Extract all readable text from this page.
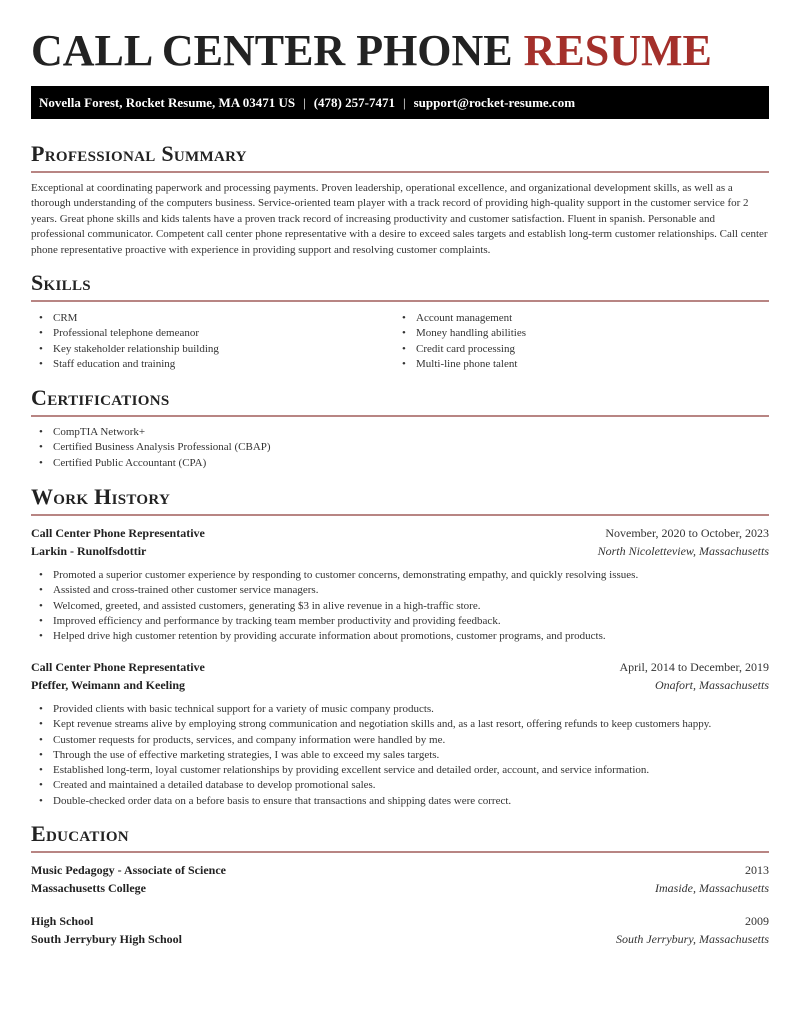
CALL CENTER PHONE RESUME
Novella Forest, Rocket Resume, MA 03471 US | (478) 257-7471 | support@rocket-resume.com
Professional Summary

Exceptional at coordinating paperwork and processing payments. Proven leadership, operational excellence, and organizational development skills, as well as a thorough understanding of the computers business. Service-oriented team player with a track record of providing high-quality support in the customer service for 2 years. Great phone skills and kids talents have a proven track record of increasing productivity and customer satisfaction. Fluent in spanish. Personable and professional communicator. Competent call center phone representative with a desire to exceed sales targets and establish long-term customer relationships. Call center phone representative proactive with experience in providing support and resolving customer complaints.

Skills
• CRM
• Professional telephone demeanor
• Key stakeholder relationship building
• Staff education and training
• Account management
• Money handling abilities
• Credit card processing
• Multi-line phone talent
Certifications
• CompTIA Network+
• Certified Business Analysis Professional (CBAP)
• Certified Public Accountant (CPA)
Work History
Call Center Phone Representative	November, 2020 to October, 2023
Larkin - Runolfsdottir	North Nicoletteview, Massachusetts
• Promoted a superior customer experience by responding to customer concerns, demonstrating empathy, and quickly resolving issues.
• Assisted and cross-trained other customer service managers.
• Welcomed, greeted, and assisted customers, generating $3 in alive revenue in a high-traffic store.
• Improved efficiency and performance by tracking team member productivity and providing feedback.
• Helped drive high customer retention by providing accurate information about promotions, customer programs, and products.
Call Center Phone Representative	April, 2014 to December, 2019
Pfeffer, Weimann and Keeling	Onafort, Massachusetts
• Provided clients with basic technical support for a variety of music company products.
• Kept revenue streams alive by employing strong communication and negotiation skills and, as a last resort, offering refunds to keep customers happy.
• Customer requests for products, services, and company information were handled by me.
• Through the use of effective marketing strategies, I was able to exceed my sales targets.
• Established long-term, loyal customer relationships by providing excellent service and detailed order, account, and service information.
• Created and maintained a detailed database to develop promotional sales.
• Double-checked order data on a before basis to ensure that transactions and shipping dates were correct.
Education
Music Pedagogy - Associate of Science	2013
Massachusetts College	Imaside, Massachusetts
High School	2009
South Jerrybury High School	South Jerrybury, Massachusetts
